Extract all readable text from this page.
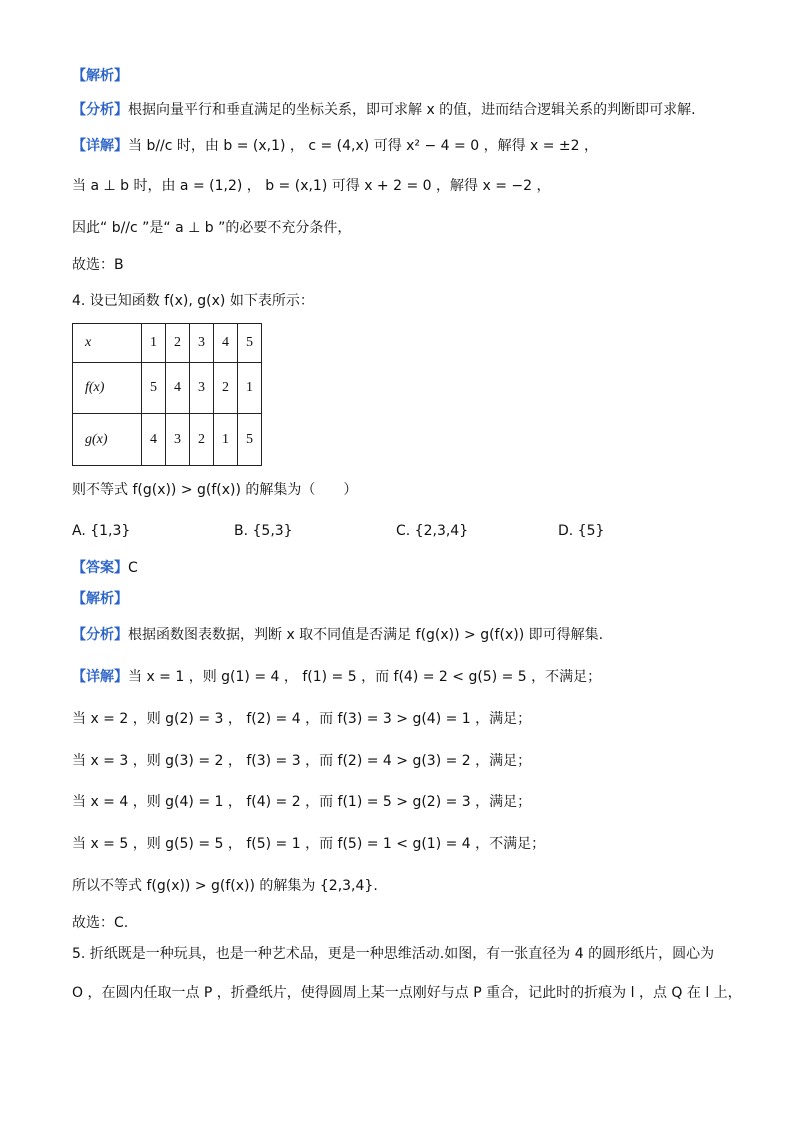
【解析】
【分析】根据向量平行和垂直满足的坐标关系，即可求解 x 的值，进而结合逻辑关系的判断即可求解.
【详解】当 b//c 时，由 b = (x,1) ， c = (4,x) 可得 x² − 4 = 0 ，解得 x = ±2 ，
当 a ⊥ b 时，由 a = (1,2) ， b = (x,1) 可得 x + 2 = 0 ，解得 x = −2 ，
因此“ b//c ”是“ a ⊥ b ”的必要不充分条件，
故选：B
4. 设已知函数 f(x), g(x) 如下表所示：
x	1	2	3	4	5
f(x)	5	4	3	2	1
g(x)	4	3	2	1	5
则不等式 f(g(x)) > g(f(x)) 的解集为（　　）
A. {1,3}	B. {5,3}	C. {2,3,4}	D. {5}
【答案】C
【解析】
【分析】根据函数图表数据，判断 x 取不同值是否满足 f(g(x)) > g(f(x)) 即可得解集.
【详解】当 x = 1 ，则 g(1) = 4 ， f(1) = 5 ，而 f(4) = 2 < g(5) = 5 ，不满足；
当 x = 2 ，则 g(2) = 3 ， f(2) = 4 ，而 f(3) = 3 > g(4) = 1 ，满足；
当 x = 3 ，则 g(3) = 2 ， f(3) = 3 ，而 f(2) = 4 > g(3) = 2 ，满足；
当 x = 4 ，则 g(4) = 1 ， f(4) = 2 ，而 f(1) = 5 > g(2) = 3 ，满足；
当 x = 5 ，则 g(5) = 5 ， f(5) = 1 ，而 f(5) = 1 < g(1) = 4 ，不满足；
所以不等式 f(g(x)) > g(f(x)) 的解集为 {2,3,4}.
故选：C.
5. 折纸既是一种玩具，也是一种艺术品，更是一种思维活动.如图，有一张直径为 4 的圆形纸片，圆心为
O ，在圆内任取一点 P ，折叠纸片，使得圆周上某一点刚好与点 P 重合，记此时的折痕为 l ，点 Q 在 l 上，
